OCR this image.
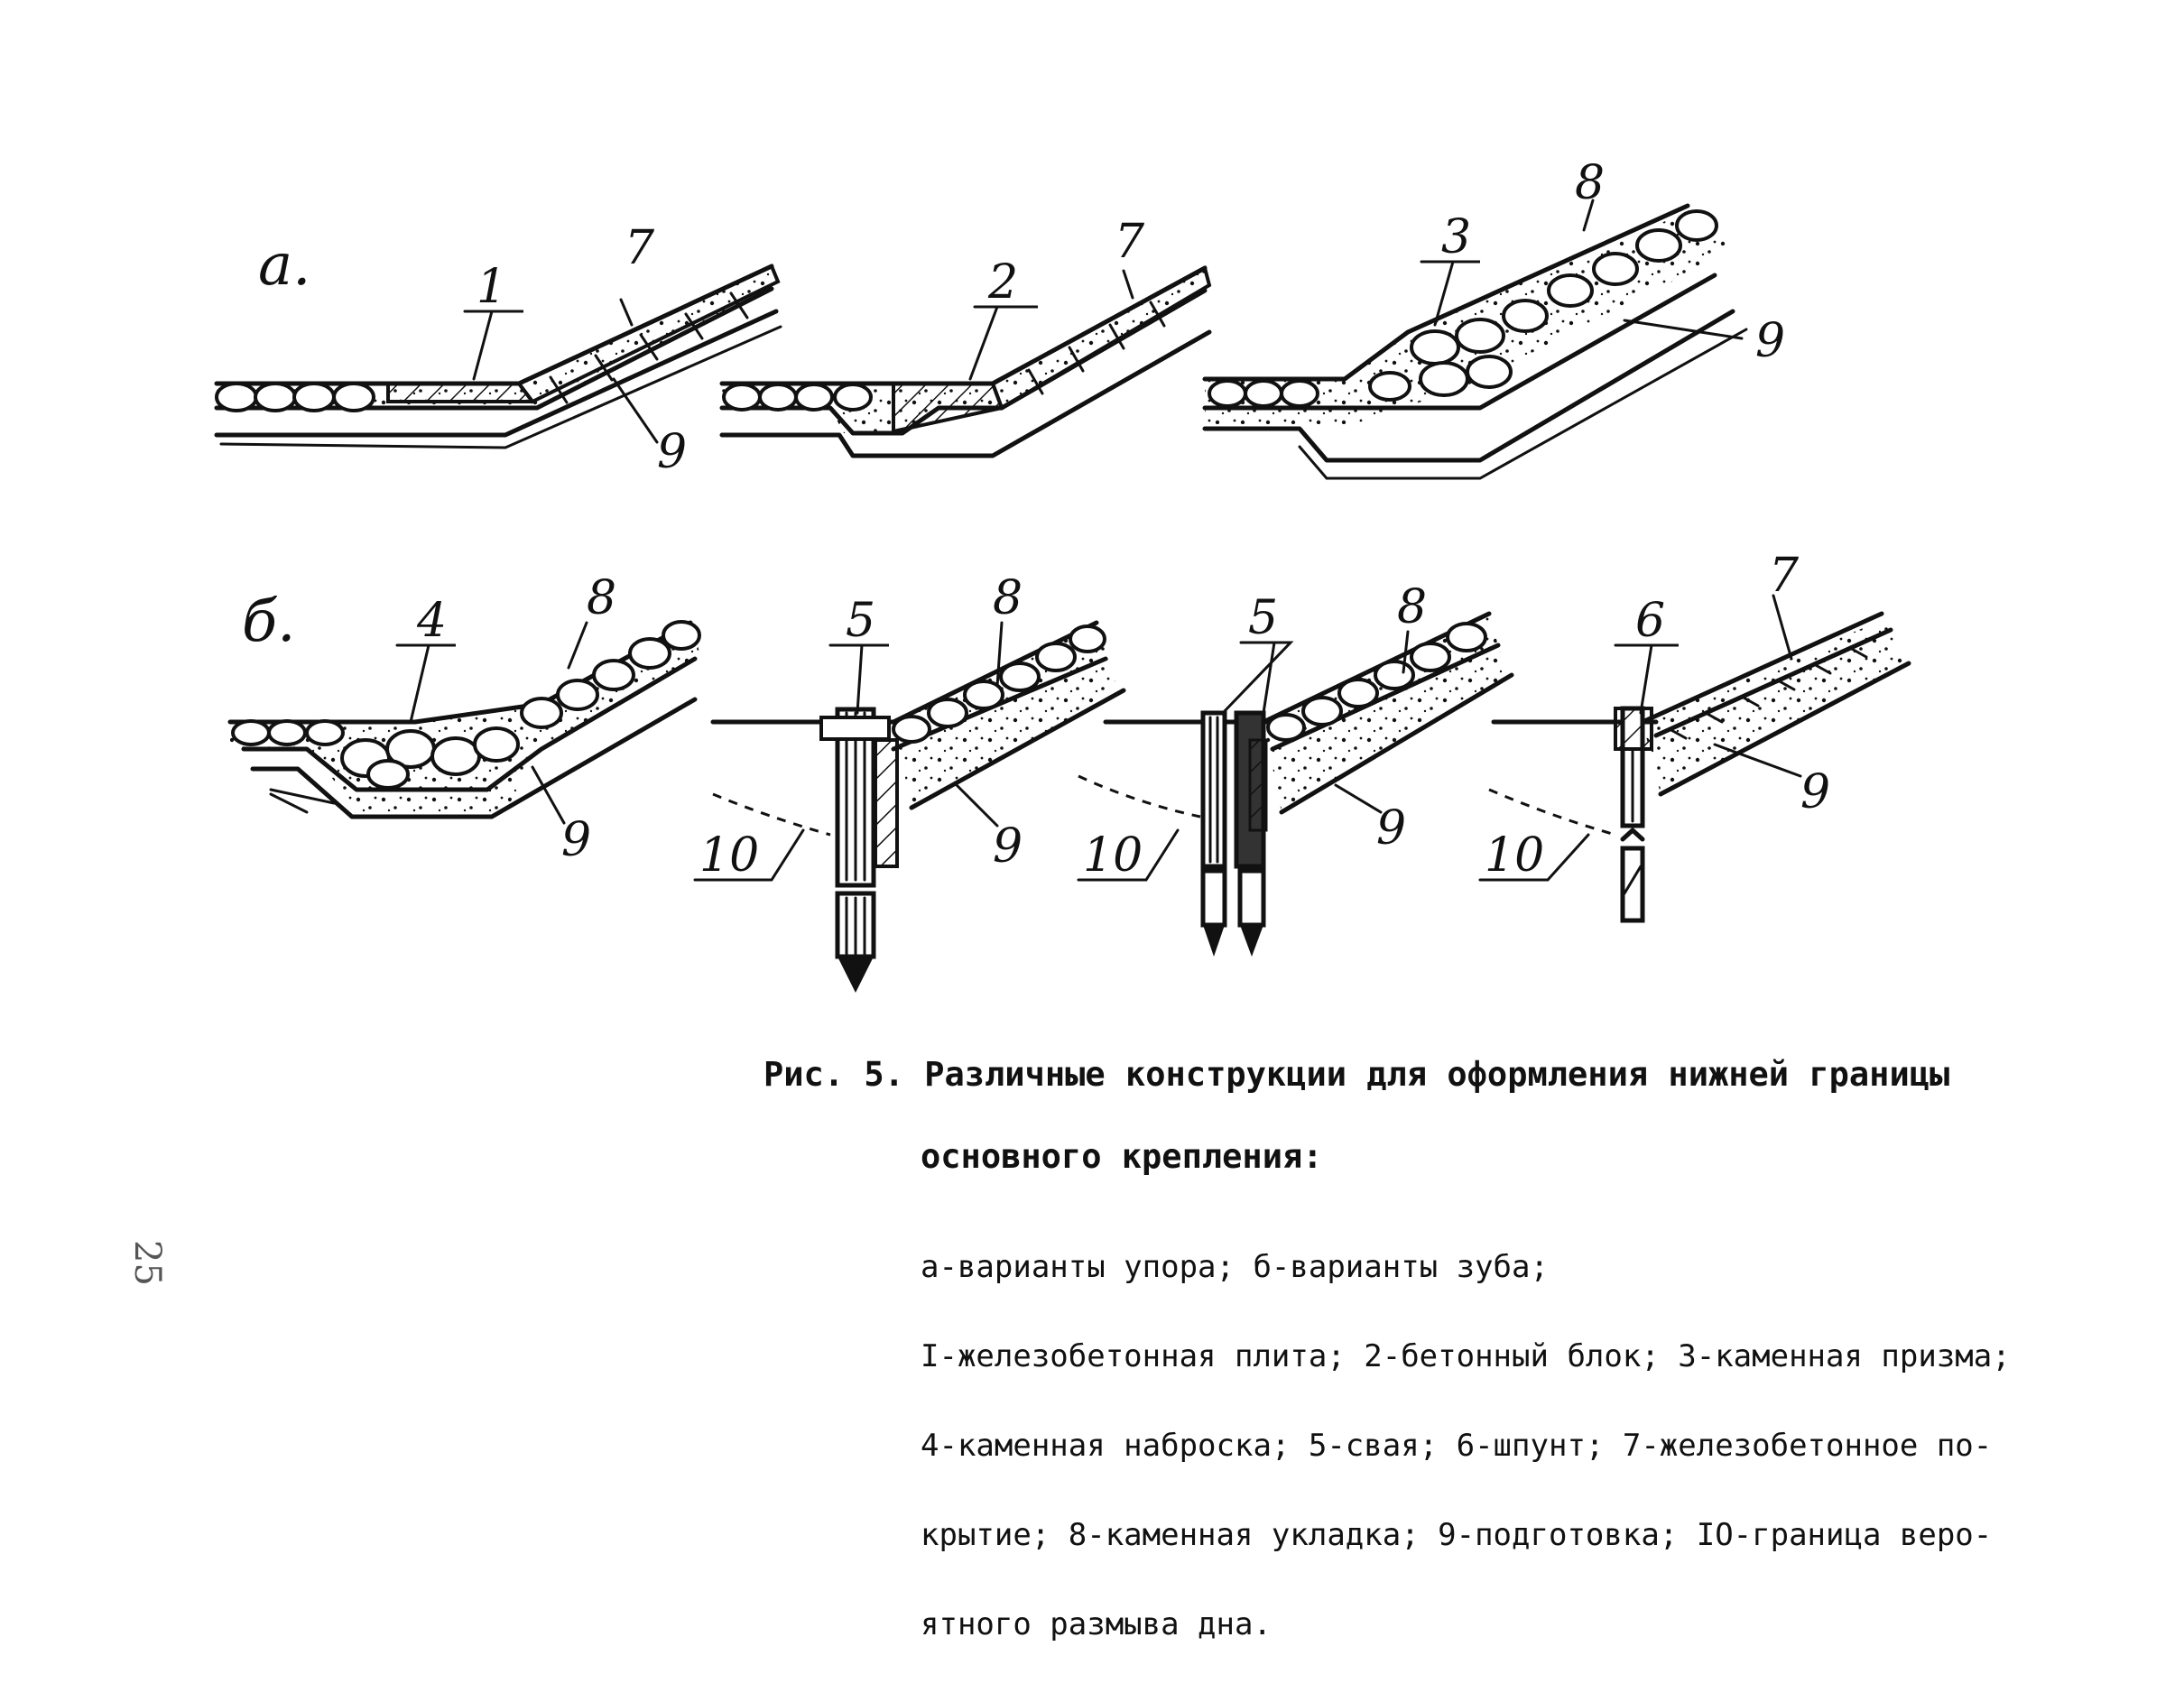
a.
б.
1
7
9
2
7	3
8
9
4	8
9
5 8
9
10
5	8
9
10
6
7
9
10
Рис. 5. Различные конструкции для оформления нижней границы
основного крепления:

а-варианты упора; б-варианты зуба;

I-железобетонная плита; 2-бетонный блок; 3-каменная призма;

4-каменная наброска; 5-свая; 6-шпунт; 7-железобетонное по-

крытие; 8-каменная укладка; 9-подготовка; IO-граница веро-

ятного размыва дна.

25
